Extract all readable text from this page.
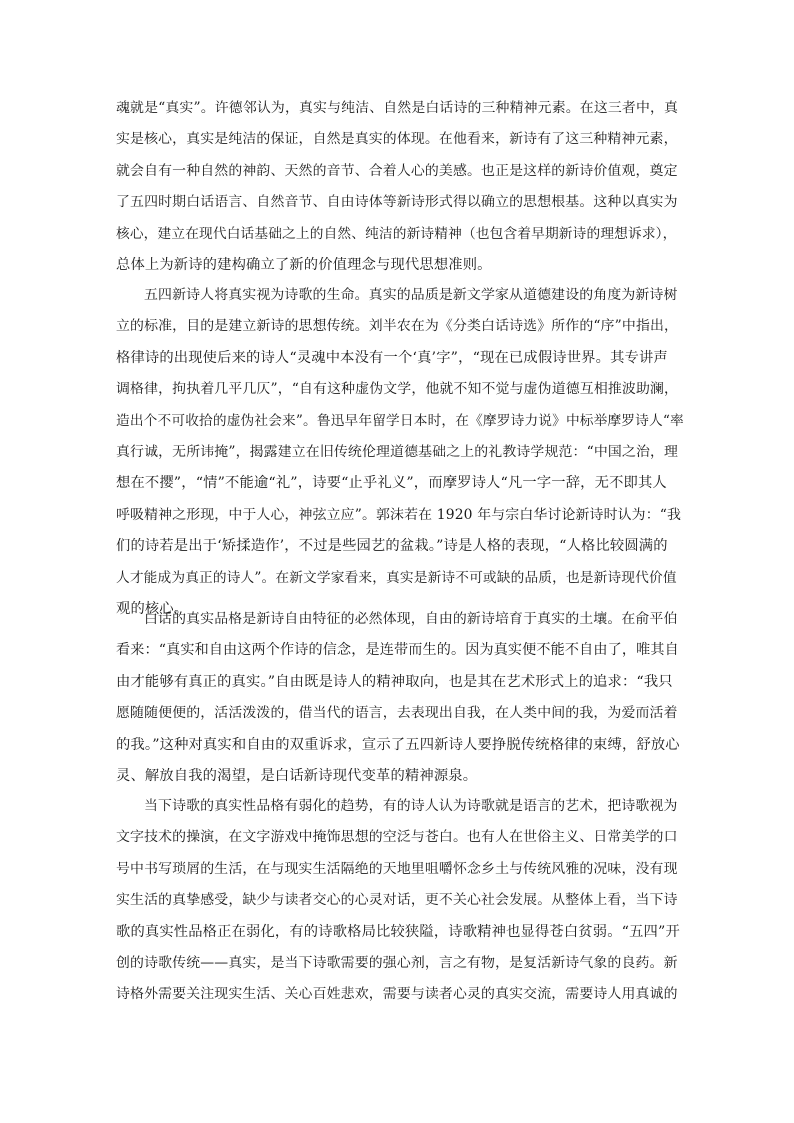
魂就是“真实”。许德邻认为，真实与纯洁、自然是白话诗的三种精神元素。在这三者中，真
实是核心，真实是纯洁的保证，自然是真实的体现。在他看来，新诗有了这三种精神元素，
就会自有一种自然的神韵、天然的音节、合着人心的美感。也正是这样的新诗价值观，奠定
了五四时期白话语言、自然音节、自由诗体等新诗形式得以确立的思想根基。这种以真实为
核心，建立在现代白话基础之上的自然、纯洁的新诗精神（也包含着早期新诗的理想诉求），
总体上为新诗的建构确立了新的价值理念与现代思想准则。
五四新诗人将真实视为诗歌的生命。真实的品质是新文学家从道德建设的角度为新诗树
立的标准，目的是建立新诗的思想传统。刘半农在为《分类白话诗选》所作的“序”中指出，
格律诗的出现使后来的诗人“灵魂中本没有一个‘真’字”，“现在已成假诗世界。其专讲声
调格律，拘执着几平几仄”，“自有这种虚伪文学，他就不知不觉与虚伪道德互相推波助澜，
造出个不可收拾的虚伪社会来”。鲁迅早年留学日本时，在《摩罗诗力说》中标举摩罗诗人“率
真行诚，无所讳掩”，揭露建立在旧传统伦理道德基础之上的礼教诗学规范：“中国之治，理
想在不撄”，“情”不能逾“礼”，诗要“止乎礼义”，而摩罗诗人“凡一字一辞，无不即其人
呼吸精神之形现，中于人心，神弦立应”。郭沫若在 1920 年与宗白华讨论新诗时认为：“我
们的诗若是出于‘矫揉造作’，不过是些园艺的盆栽。”诗是人格的表现，“人格比较圆满的
人才能成为真正的诗人”。在新文学家看来，真实是新诗不可或缺的品质，也是新诗现代价值
观的核心。
白话的真实品格是新诗自由特征的必然体现，自由的新诗培育于真实的土壤。在俞平伯
看来：“真实和自由这两个作诗的信念，是连带而生的。因为真实便不能不自由了，唯其自
由才能够有真正的真实。”自由既是诗人的精神取向，也是其在艺术形式上的追求：“我只
愿随随便便的，活活泼泼的，借当代的语言，去表现出自我，在人类中间的我，为爱而活着
的我。”这种对真实和自由的双重诉求，宣示了五四新诗人要挣脱传统格律的束缚，舒放心
灵、解放自我的渴望，是白话新诗现代变革的精神源泉。
当下诗歌的真实性品格有弱化的趋势，有的诗人认为诗歌就是语言的艺术，把诗歌视为
文字技术的操演，在文字游戏中掩饰思想的空泛与苍白。也有人在世俗主义、日常美学的口
号中书写琐屑的生活，在与现实生活隔绝的天地里咀嚼怀念乡土与传统风雅的况味，没有现
实生活的真挚感受，缺少与读者交心的心灵对话，更不关心社会发展。从整体上看，当下诗
歌的真实性品格正在弱化，有的诗歌格局比较狭隘，诗歌精神也显得苍白贫弱。“五四”开
创的诗歌传统——真实，是当下诗歌需要的强心剂，言之有物，是复活新诗气象的良药。新
诗格外需要关注现实生活、关心百姓悲欢，需要与读者心灵的真实交流，需要诗人用真诚的
